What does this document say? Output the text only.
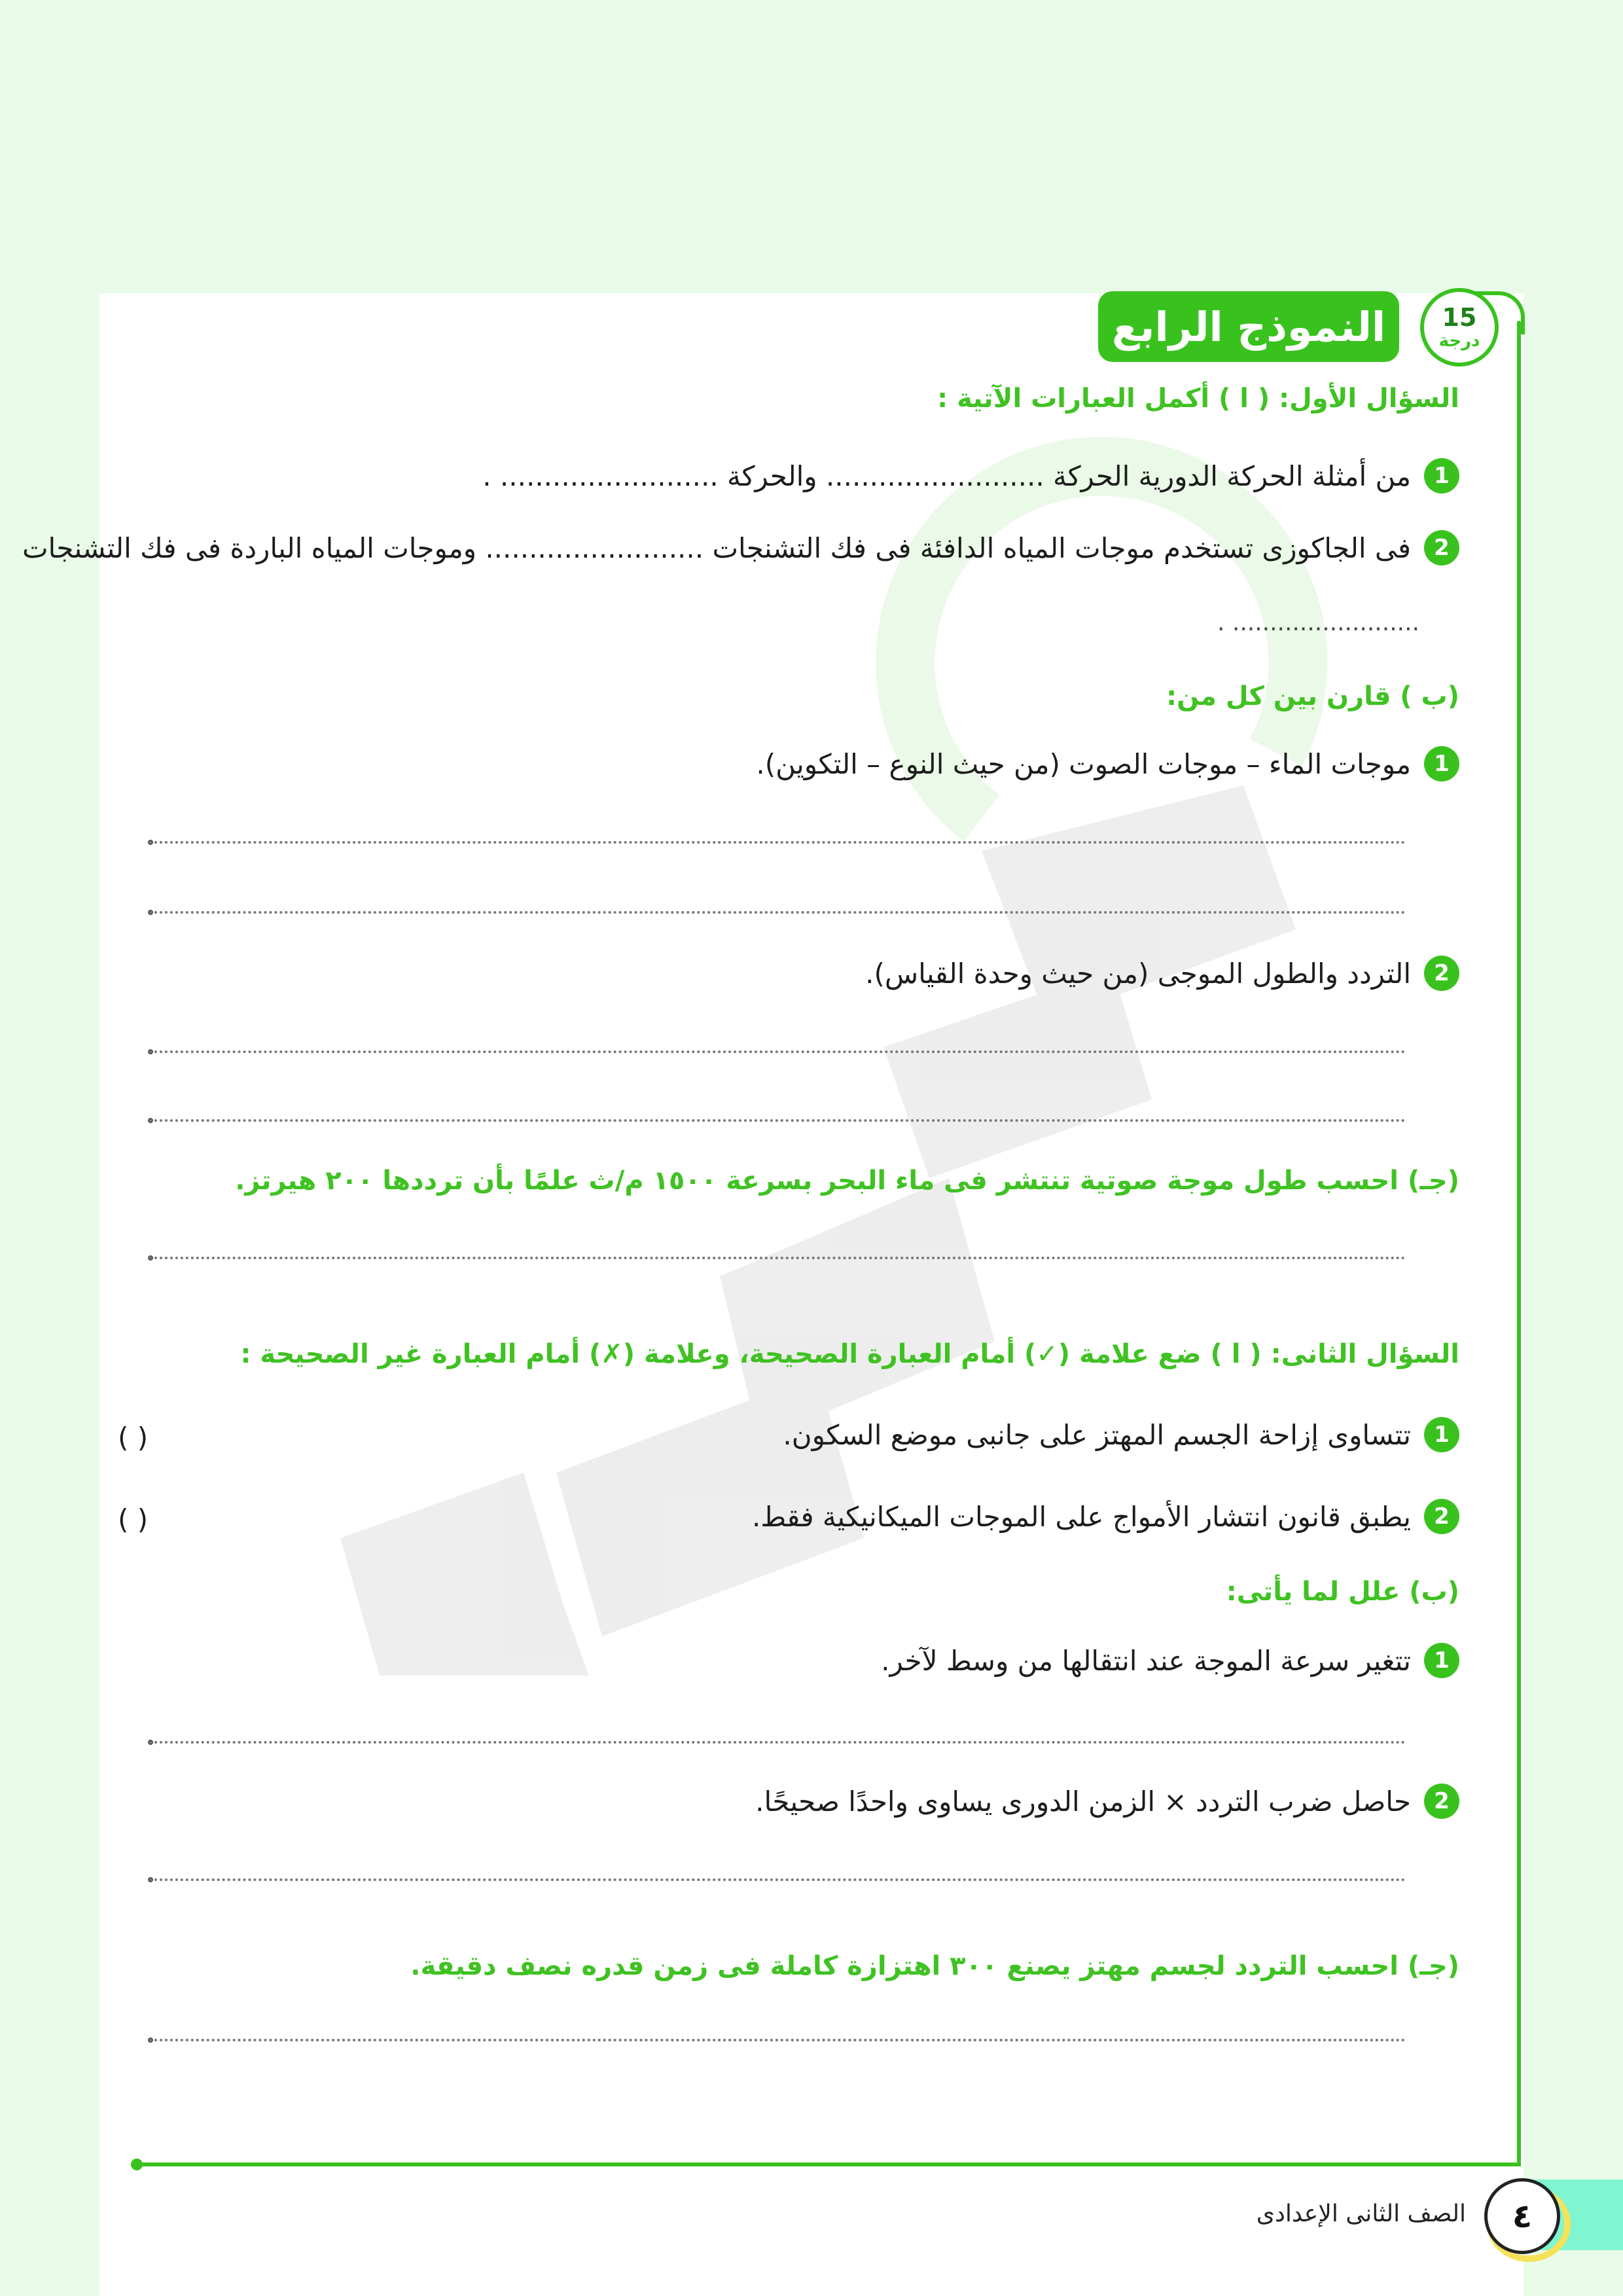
النموذج الرابع 15
درجة
السؤال الأول: ( ا ) أكمل العبارات الآتية :
1
من أمثلة الحركة الدورية الحركة ......................... والحركة ......................... .
2
فى الجاكوزى تستخدم موجات المياه الدافئة فى فك التشنجات ......................... وموجات المياه الباردة فى فك التشنجات
......................... .
(ب ) قارن بين كل من:
1
موجات الماء – موجات الصوت (من حيث النوع – التكوين).
2
التردد والطول الموجى (من حيث وحدة القياس).
(جـ) احسب طول موجة صوتية تنتشر فى ماء البحر بسرعة ١٥٠٠ م/ث علمًا بأن ترددها ٢٠٠ هيرتز.
السؤال الثانى: ( ا ) ضع علامة (✓) أمام العبارة الصحيحة، وعلامة (✗) أمام العبارة غير الصحيحة :
1
تتساوى إزاحة الجسم المهتز على جانبى موضع السكون.
( )
2
يطبق قانون انتشار الأمواج على الموجات الميكانيكية فقط.
( )
(ب) علل لما يأتى:
1
تتغير سرعة الموجة عند انتقالها من وسط لآخر.
2
حاصل ضرب التردد × الزمن الدورى يساوى واحدًا صحيحًا.
(جـ) احسب التردد لجسم مهتز يصنع ٣٠٠ اهتزازة كاملة فى زمن قدره نصف دقيقة.
٤
الصف الثانى الإعدادى
